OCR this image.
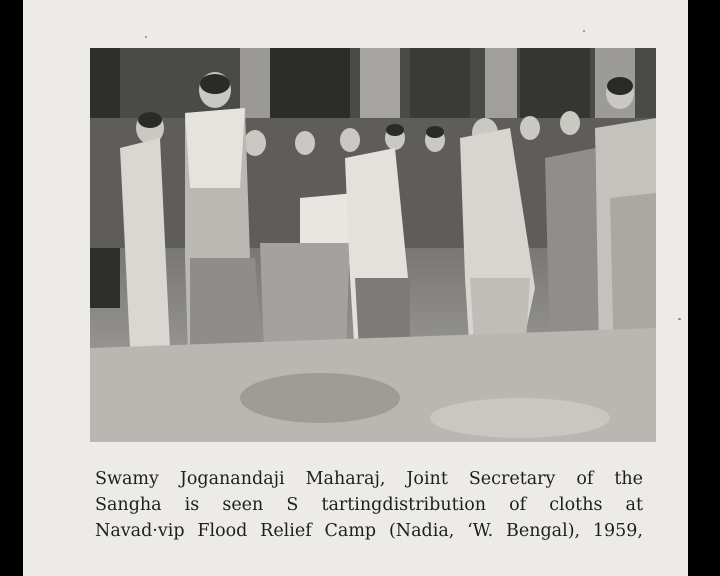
Swamy Joganandaji Maharaj, Joint Secretary of the
Sangha is seen S tartingdistribution of cloths at
Navad·vip Flood Relief Camp (Nadia, ‘W. Bengal), 1959,
